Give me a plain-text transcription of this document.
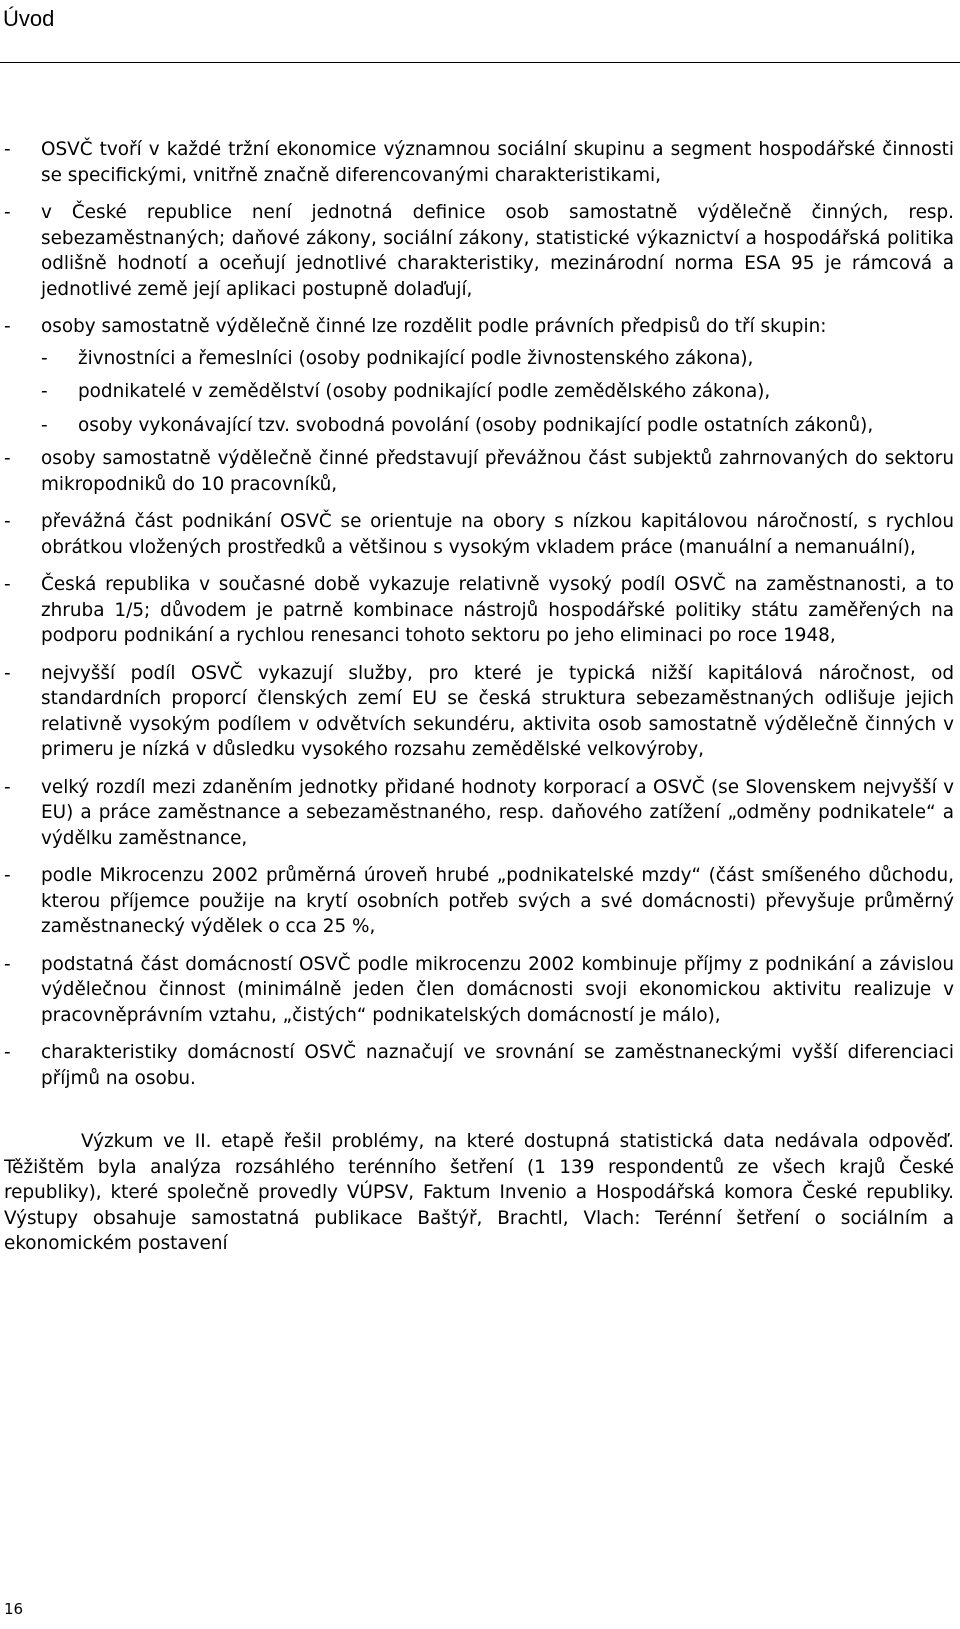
Úvod
- OSVČ tvoří v každé tržní ekonomice významnou sociální skupinu a segment hospodářské činnosti se specifickými, vnitřně značně diferencovanými charakteristikami,
- v České republice není jednotná definice osob samostatně výdělečně činných, resp. sebezaměstnaných; daňové zákony, sociální zákony, statistické výkaznictví a hospodářská politika odlišně hodnotí a oceňují jednotlivé charakteristiky, mezinárodní norma ESA 95 je rámcová a jednotlivé země její aplikaci postupně dolaďují,
- osoby samostatně výdělečně činné lze rozdělit podle právních předpisů do tří skupin:
- živnostníci a řemeslníci (osoby podnikající podle živnostenského zákona),
- podnikatelé v zemědělství (osoby podnikající podle zemědělského zákona),
- osoby vykonávající tzv. svobodná povolání (osoby podnikající podle ostatních zákonů),
- osoby samostatně výdělečně činné představují převážnou část subjektů zahrnovaných do sektoru mikropodniků do 10 pracovníků,
- převážná část podnikání OSVČ se orientuje na obory s nízkou kapitálovou náročností, s rychlou obrátkou vložených prostředků a většinou s vysokým vkladem práce (manuální a nemanuální),
- Česká republika v současné době vykazuje relativně vysoký podíl OSVČ na zaměstnanosti, a to zhruba 1/5; důvodem je patrně kombinace nástrojů hospodářské politiky státu zaměřených na podporu podnikání a rychlou renesanci tohoto sektoru po jeho eliminaci po roce 1948,
- nejvyšší podíl OSVČ vykazují služby, pro které je typická nižší kapitálová náročnost, od standardních proporcí členských zemí EU se česká struktura sebezaměstnaných odlišuje jejich relativně vysokým podílem v odvětvích sekundéru, aktivita osob samostatně výdělečně činných v primeru je nízká v důsledku vysokého rozsahu zemědělské velkovýroby,
- velký rozdíl mezi zdaněním jednotky přidané hodnoty korporací a OSVČ (se Slovenskem nejvyšší v EU) a práce zaměstnance a sebezaměstnaného, resp. daňového zatížení „odměny podnikatele“ a výdělku zaměstnance,
- podle Mikrocenzu 2002 průměrná úroveň hrubé „podnikatelské mzdy“ (část smíšeného důchodu, kterou příjemce použije na krytí osobních potřeb svých a své domácnosti) převyšuje průměrný zaměstnanecký výdělek o cca 25 %,
- podstatná část domácností OSVČ podle mikrocenzu 2002 kombinuje příjmy z podnikání a závislou výdělečnou činnost (minimálně jeden člen domácnosti svoji ekonomickou aktivitu realizuje v pracovněprávním vztahu, „čistých“ podnikatelských domácností je málo),
- charakteristiky domácností OSVČ naznačují ve srovnání se zaměstnaneckými vyšší diferenciaci příjmů na osobu.
Výzkum ve II. etapě řešil problémy, na které dostupná statistická data nedávala odpověď. Těžištěm byla analýza rozsáhlého terénního šetření (1 139 respondentů ze všech krajů České republiky), které společně provedly VÚPSV, Faktum Invenio a Hospodářská komora České republiky. Výstupy obsahuje samostatná publikace Baštýř, Brachtl, Vlach: Terénní šetření o sociálním a ekonomickém postavení
16
